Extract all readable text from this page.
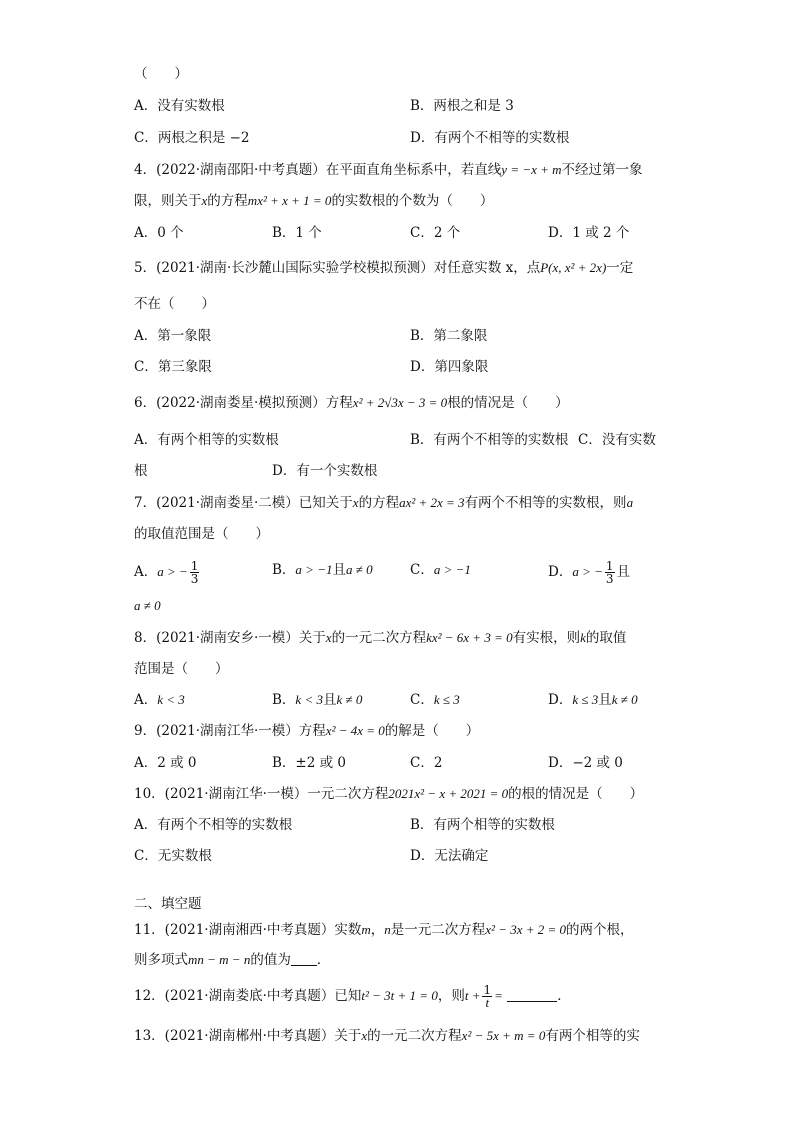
（　　）
A．没有实数根	B．两根之和是 3
C．两根之积是 −2	D．有两个不相等的实数根
4．(2022·湖南邵阳·中考真题）在平面直角坐标系中，若直线y = −x + m不经过第一象
限，则关于x的方程mx² + x + 1 = 0的实数根的个数为（　　）
A．0 个	B．1 个	C．2 个	D．1 或 2 个
5．(2021·湖南·长沙麓山国际实验学校模拟预测）对任意实数 x，点P(x, x² + 2x)一定
不在（　　）
A．第一象限	B．第二象限
C．第三象限	D．第四象限
6．(2022·湖南娄星·模拟预测）方程x² + 2√3x − 3 = 0根的情况是（　　）
A．有两个相等的实数根	B．有两个不相等的实数根 C．没有实数
根	D．有一个实数根
7．(2021·湖南娄星·二模）已知关于x的方程ax² + 2x = 3有两个不相等的实数根，则a
的取值范围是（　　）
A．a > − $\frac{1}{3}$	B．a > −1且a ≠ 0	C．a > −1	D．a > − $\frac{1}{3}$ 且
a ≠ 0
8．(2021·湖南安乡·一模）关于x的一元二次方程kx² − 6x + 3 = 0有实根，则k的取值
范围是（　　）
A．k < 3	B．k < 3且k ≠ 0	C．k ≤ 3	D．k ≤ 3且k ≠ 0
9．(2021·湖南江华·一模）方程x² − 4x = 0的解是（　　）
A．2 或 0	B．±2 或 0	C．2	D．−2 或 0
10．(2021·湖南江华·一模）一元二次方程2021x² − x + 2021 = 0的根的情况是（　　）
A．有两个不相等的实数根	B．有两个相等的实数根
C．无实数根	D．无法确定
二、填空题
11．(2021·湖南湘西·中考真题）实数m，n是一元二次方程x² − 3x + 2 = 0的两个根，
则多项式mn − m − n的值为 ．
12．(2021·湖南娄底·中考真题）已知t² − 3t + 1 = 0，则$t + \frac{1}{t}$ =	．
13．(2021·湖南郴州·中考真题）关于x的一元二次方程x² − 5x + m = 0有两个相等的实
